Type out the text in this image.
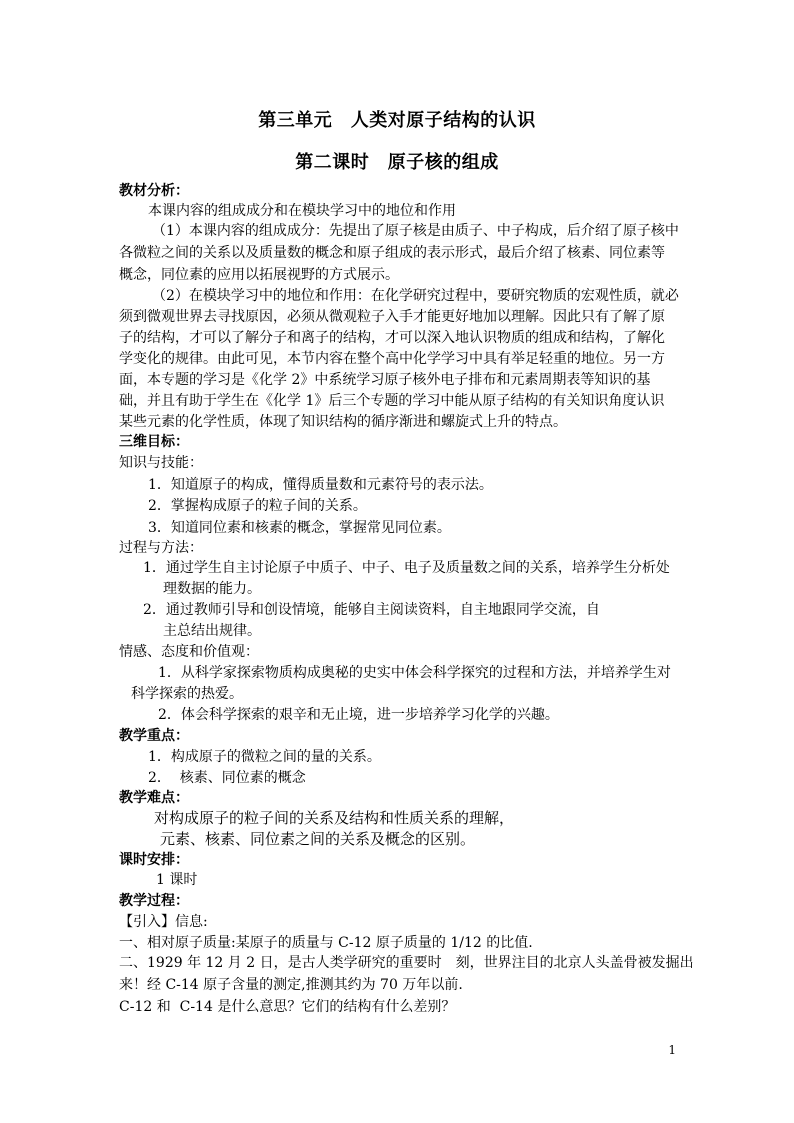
第三单元　人类对原子结构的认识
第二课时　原子核的组成
教材分析：
本课内容的组成成分和在模块学习中的地位和作用
（1）本课内容的组成成分：先提出了原子核是由质子、中子构成，后介绍了原子核中
各微粒之间的关系以及质量数的概念和原子组成的表示形式，最后介绍了核素、同位素等
概念，同位素的应用以拓展视野的方式展示。
（2）在模块学习中的地位和作用：在化学研究过程中，要研究物质的宏观性质，就必
须到微观世界去寻找原因，必须从微观粒子入手才能更好地加以理解。因此只有了解了原
子的结构，才可以了解分子和离子的结构，才可以深入地认识物质的组成和结构，了解化
学变化的规律。由此可见，本节内容在整个高中化学学习中具有举足轻重的地位。另一方
面，本专题的学习是《化学 2》中系统学习原子核外电子排布和元素周期表等知识的基
础，并且有助于学生在《化学 1》后三个专题的学习中能从原子结构的有关知识角度认识
某些元素的化学性质，体现了知识结构的循序渐进和螺旋式上升的特点。
三维目标：
知识与技能：
1．知道原子的构成，懂得质量数和元素符号的表示法。
2．掌握构成原子的粒子间的关系。
3．知道同位素和核素的概念，掌握常见同位素。
过程与方法：
1．通过学生自主讨论原子中质子、中子、电子及质量数之间的关系，培养学生分析处
理数据的能力。
2．通过教师引导和创设情境，能够自主阅读资料，自主地跟同学交流，自
主总结出规律。
情感、态度和价值观：
1．从科学家探索物质构成奥秘的史实中体会科学探究的过程和方法，并培养学生对
科学探索的热爱。
2．体会科学探索的艰辛和无止境，进一步培养学习化学的兴趣。
教学重点：
1．构成原子的微粒之间的量的关系。
2．  核素、同位素的概念
教学难点：
对构成原子的粒子间的关系及结构和性质关系的理解，
元素、核素、同位素之间的关系及概念的区别。
课时安排：
1 课时
教学过程：
【引入】信息:
一、相对原子质量:某原子的质量与 C-12 原子质量的 1/12 的比值.
二、1929 年 12 月 2 日，是古人类学研究的重要时　刻，世界注目的北京人头盖骨被发掘出
来！经 C-14 原子含量的测定,推测其约为 70 万年以前.
C-12 和  C-14 是什么意思？它们的结构有什么差别？
1
